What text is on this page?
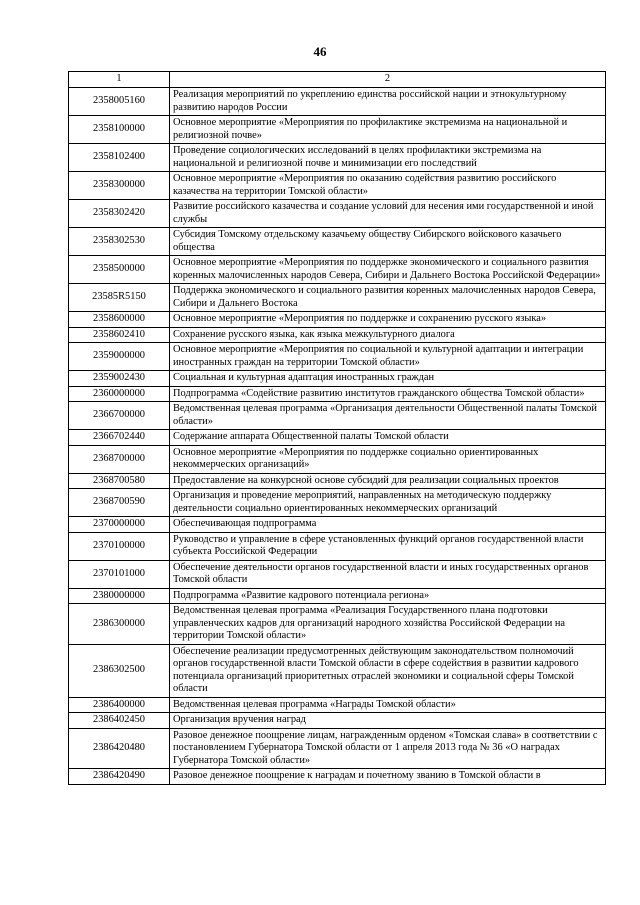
46
1	2
2358005160	Реализация мероприятий по укреплению единства российской нации и этнокультурному развитию народов России
2358100000	Основное мероприятие «Мероприятия по профилактике экстремизма на национальной и религиозной почве»
2358102400	Проведение социологических исследований в целях профилактики экстремизма на национальной и религиозной почве и минимизации его последствий
2358300000	Основное мероприятие «Мероприятия по оказанию содействия развитию российского казачества на территории Томской области»
2358302420	Развитие российского казачества и создание условий для несения ими государственной и иной службы
2358302530	Субсидия Томскому отдельскому казачьему обществу Сибирского войскового казачьего общества
2358500000	Основное мероприятие «Мероприятия по поддержке экономического и социального развития коренных малочисленных народов Севера, Сибири и Дальнего Востока Российской Федерации»
23585R5150	Поддержка экономического и социального развития коренных малочисленных народов Севера, Сибири и Дальнего Востока
2358600000	Основное мероприятие «Мероприятия по поддержке и сохранению русского языка»
2358602410	Сохранение русского языка, как языка межкультурного диалога
2359000000	Основное мероприятие «Мероприятия по социальной и культурной адаптации и интеграции иностранных граждан на территории Томской области»
2359002430	Социальная и культурная адаптация иностранных граждан
2360000000	Подпрограмма «Содействие развитию институтов гражданского общества Томской области»
2366700000	Ведомственная целевая программа «Организация деятельности Общественной палаты Томской области»
2366702440	Содержание аппарата Общественной палаты Томской области
2368700000	Основное мероприятие «Мероприятия по поддержке социально ориентированных некоммерческих организаций»
2368700580	Предоставление на конкурсной основе субсидий для реализации социальных проектов
2368700590	Организация и проведение мероприятий, направленных на методическую поддержку деятельности социально ориентированных некоммерческих организаций
2370000000	Обеспечивающая подпрограмма
2370100000	Руководство и управление в сфере установленных функций органов государственной власти субъекта Российской Федерации
2370101000	Обеспечение деятельности органов государственной власти и иных государственных органов Томской области
2380000000	Подпрограмма «Развитие кадрового потенциала региона»
2386300000	Ведомственная целевая программа «Реализация Государственного плана подготовки управленческих кадров для организаций народного хозяйства Российской Федерации на территории Томской области»
2386302500	Обеспечение реализации предусмотренных действующим законодательством полномочий органов государственной власти Томской области в сфере содействия в развитии кадрового потенциала организаций приоритетных отраслей экономики и социальной сферы Томской области
2386400000	Ведомственная целевая программа «Награды Томской области»
2386402450	Организация вручения наград
2386420480	Разовое денежное поощрение лицам, награжденным орденом «Томская слава» в соответствии с постановлением Губернатора Томской области от 1 апреля 2013 года № 36 «О наградах Губернатора Томской области»
2386420490	Разовое денежное поощрение к наградам и почетному званию в Томской области в
